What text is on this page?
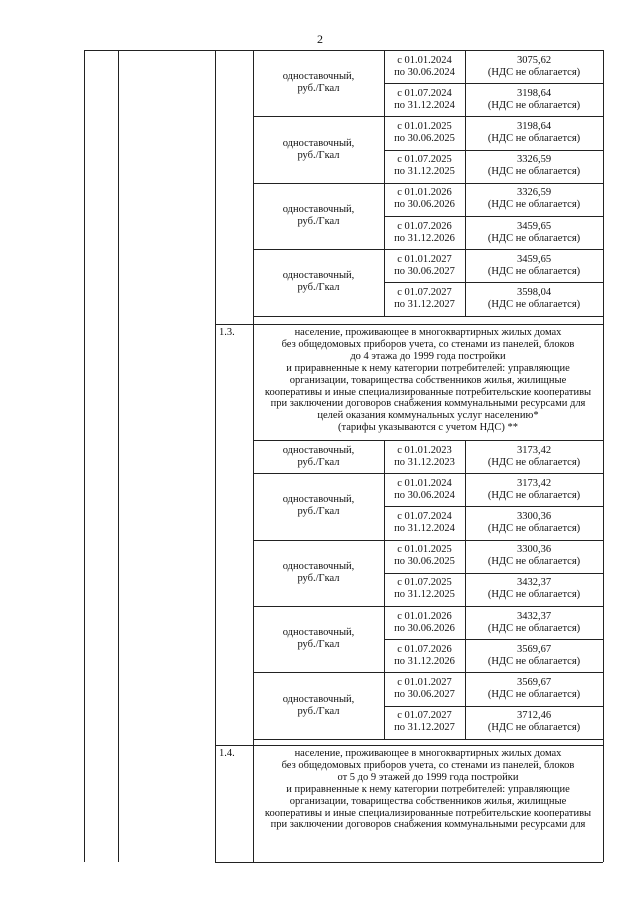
2
одноставочный,
руб./Гкал
с 01.01.2024
по 30.06.2024
3075,62
(НДС не облагается)
с 01.07.2024
по 31.12.2024
3198,64
(НДС не облагается)
одноставочный,
руб./Гкал
с 01.01.2025
по 30.06.2025
3198,64
(НДС не облагается)
с 01.07.2025
по 31.12.2025
3326,59
(НДС не облагается)
одноставочный,
руб./Гкал
с 01.01.2026
по 30.06.2026
3326,59
(НДС не облагается)
с 01.07.2026
по 31.12.2026
3459,65
(НДС не облагается)
одноставочный,
руб./Гкал
с 01.01.2027
по 30.06.2027
3459,65
(НДС не облагается)
с 01.07.2027
по 31.12.2027
3598,04
(НДС не облагается)
1.3.	население, проживающее в многоквартирных жилых домах
без общедомовых приборов учета, со стенами из панелей, блоков
до 4 этажа до 1999 года постройки
и приравненные к нему категории потребителей: управляющие
организации, товарищества собственников жилья, жилищные
кооперативы и иные специализированные потребительские кооперативы
при заключении договоров снабжения коммунальными ресурсами для
целей оказания коммунальных услуг населению*
(тарифы указываются с учетом НДС) **
одноставочный,
руб./Гкал
с 01.01.2023
по 31.12.2023
3173,42
(НДС не облагается)
одноставочный,
руб./Гкал
с 01.01.2024
по 30.06.2024
3173,42
(НДС не облагается)
с 01.07.2024
по 31.12.2024
3300,36
(НДС не облагается)
одноставочный,
руб./Гкал
с 01.01.2025
по 30.06.2025
3300,36
(НДС не облагается)
с 01.07.2025
по 31.12.2025
3432,37
(НДС не облагается)
одноставочный,
руб./Гкал
с 01.01.2026
по 30.06.2026
3432,37
(НДС не облагается)
с 01.07.2026
по 31.12.2026
3569,67
(НДС не облагается)
одноставочный,
руб./Гкал
с 01.01.2027
по 30.06.2027
3569,67
(НДС не облагается)
с 01.07.2027
по 31.12.2027
3712,46
(НДС не облагается)
1.4.	население, проживающее в многоквартирных жилых домах
без общедомовых приборов учета, со стенами из панелей, блоков
от 5 до 9 этажей до 1999 года постройки
и приравненные к нему категории потребителей: управляющие
организации, товарищества собственников жилья, жилищные
кооперативы и иные специализированные потребительские кооперативы
при заключении договоров снабжения коммунальными ресурсами для
